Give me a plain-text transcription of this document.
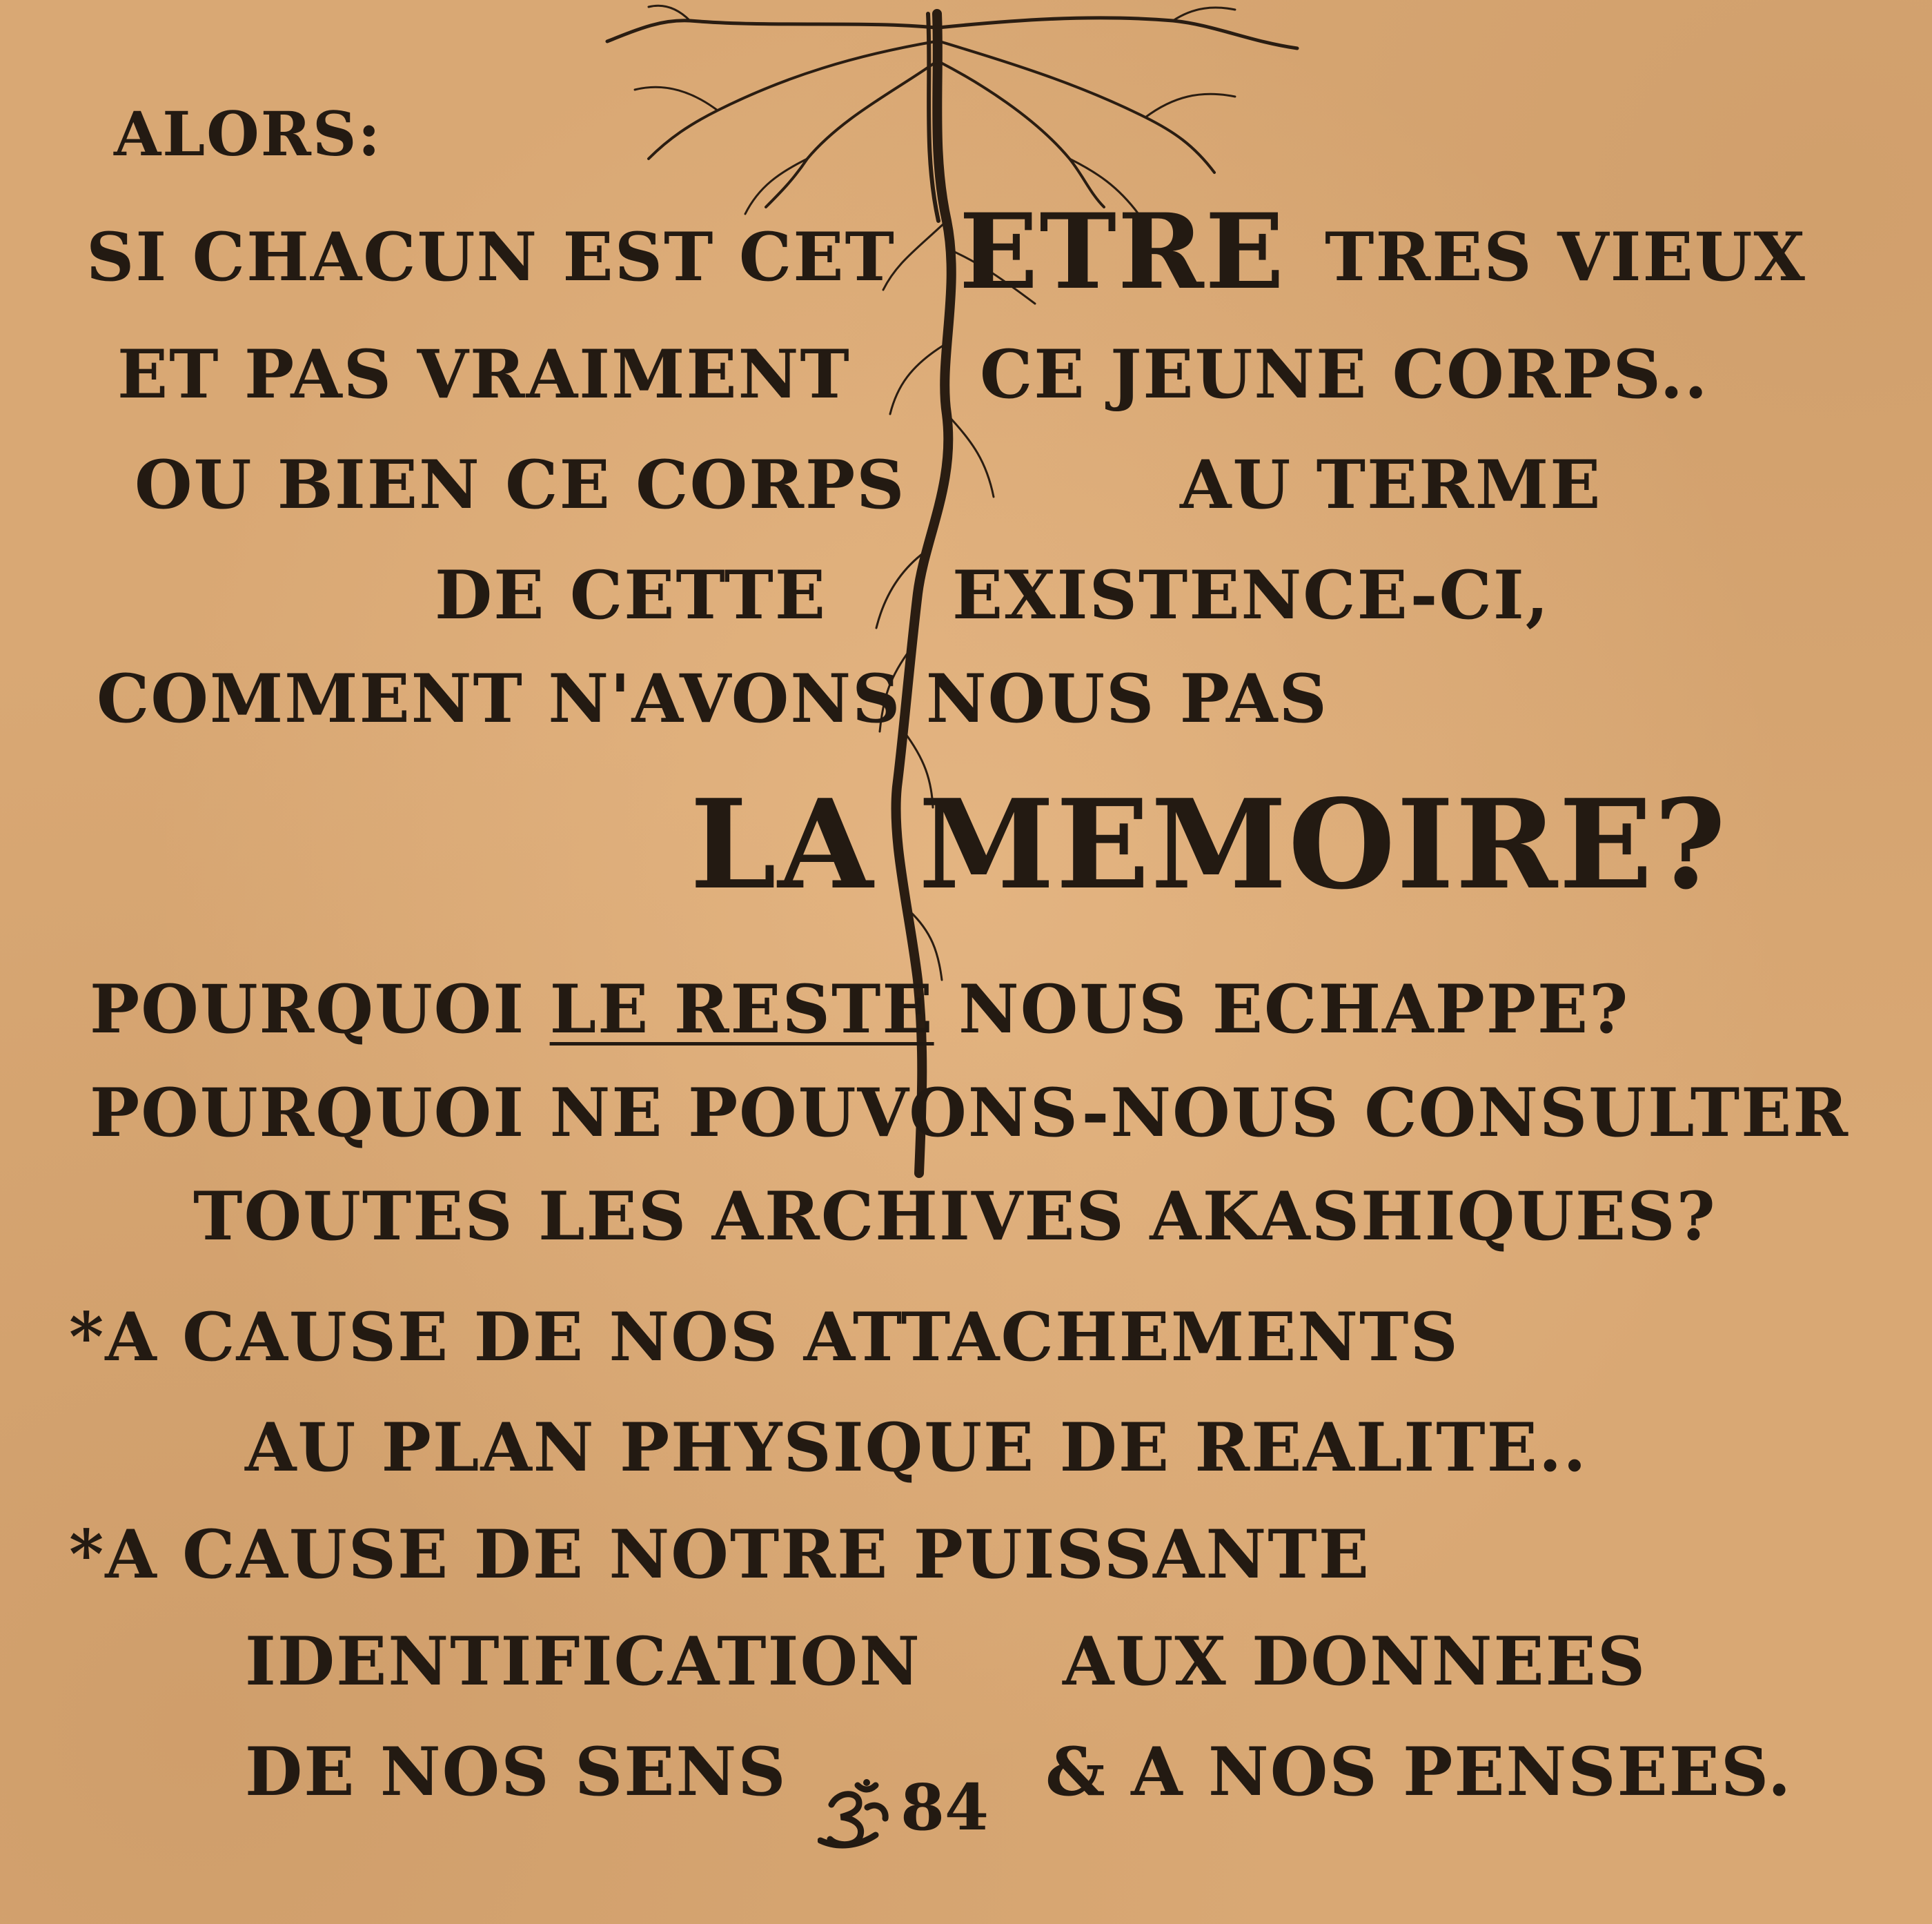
ALORS:
SI CHACUN EST CET ETRE TRES VIEUX
ET PAS VRAIMENT CE JEUNE CORPS..
OU BIEN CE CORPS	AU TERME
DE CETTE EXISTENCE-CI,
COMMENT N'AVONS NOUS PAS
LA MEMOIRE?
POURQUOI LE RESTE NOUS ECHAPPE?
POURQUOI NE POUVONS-NOUS CONSULTER
TOUTES LES ARCHIVES AKASHIQUES?
*A CAUSE DE NOS ATTACHEMENTS
AU PLAN PHYSIQUE DE REALITE..
*A CAUSE DE NOTRE PUISSANTE
IDENTIFICATION AUX DONNEES
DE NOS SENS	& A NOS PENSEES.
84
